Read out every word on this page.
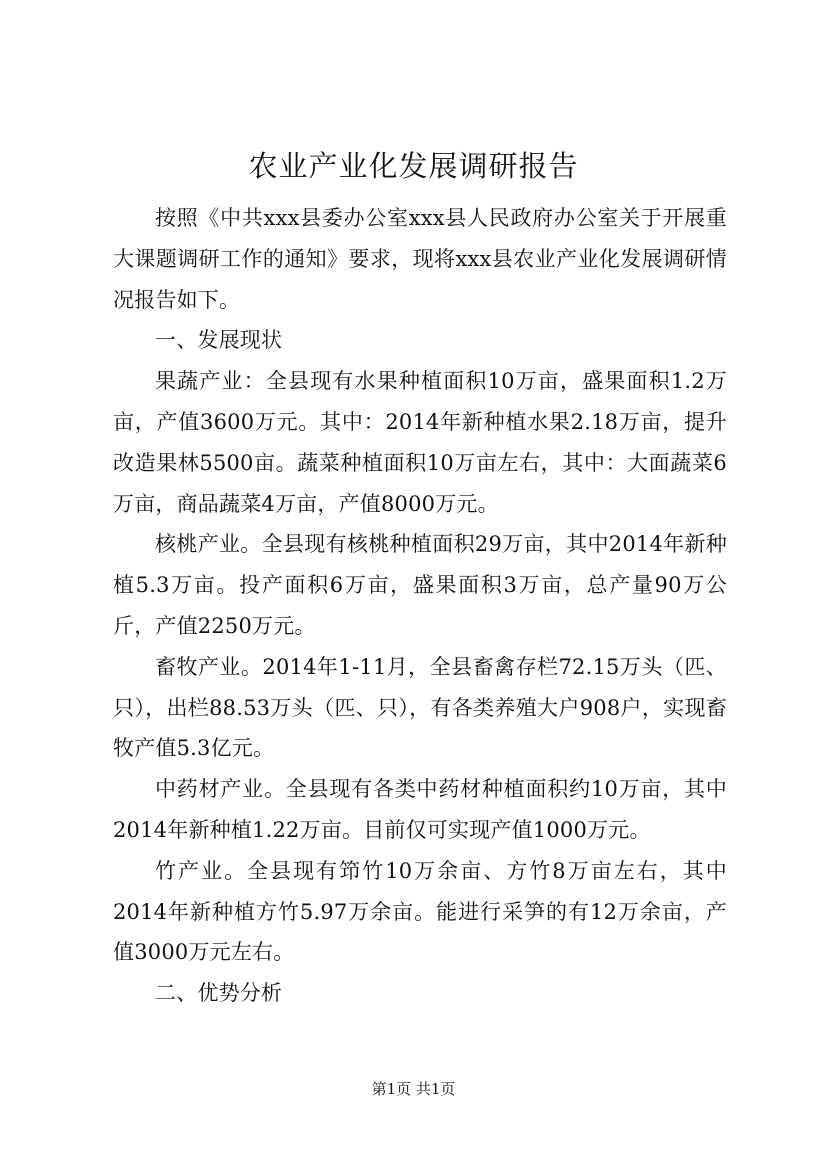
农业产业化发展调研报告

按照《中共xxx县委办公室xxx县人民政府办公室关于开展重大课题调研工作的通知》要求，现将xxx县农业产业化发展调研情况报告如下。

一、发展现状

果蔬产业：全县现有水果种植面积10万亩，盛果面积1.2万亩，产值3600万元。其中：2014年新种植水果2.18万亩，提升改造果林5500亩。蔬菜种植面积10万亩左右，其中：大面蔬菜6万亩，商品蔬菜4万亩，产值8000万元。

核桃产业。全县现有核桃种植面积29万亩，其中2014年新种植5.3万亩。投产面积6万亩，盛果面积3万亩，总产量90万公斤，产值2250万元。

畜牧产业。2014年1-11月，全县畜禽存栏72.15万头（匹、只），出栏88.53万头（匹、只），有各类养殖大户908户，实现畜牧产值5.3亿元。

中药材产业。全县现有各类中药材种植面积约10万亩，其中2014年新种植1.22万亩。目前仅可实现产值1000万元。

竹产业。全县现有笻竹10万余亩、方竹8万亩左右，其中2014年新种植方竹5.97万余亩。能进行采笋的有12万余亩，产值3000万元左右。

二、优势分析

第1页 共1页
